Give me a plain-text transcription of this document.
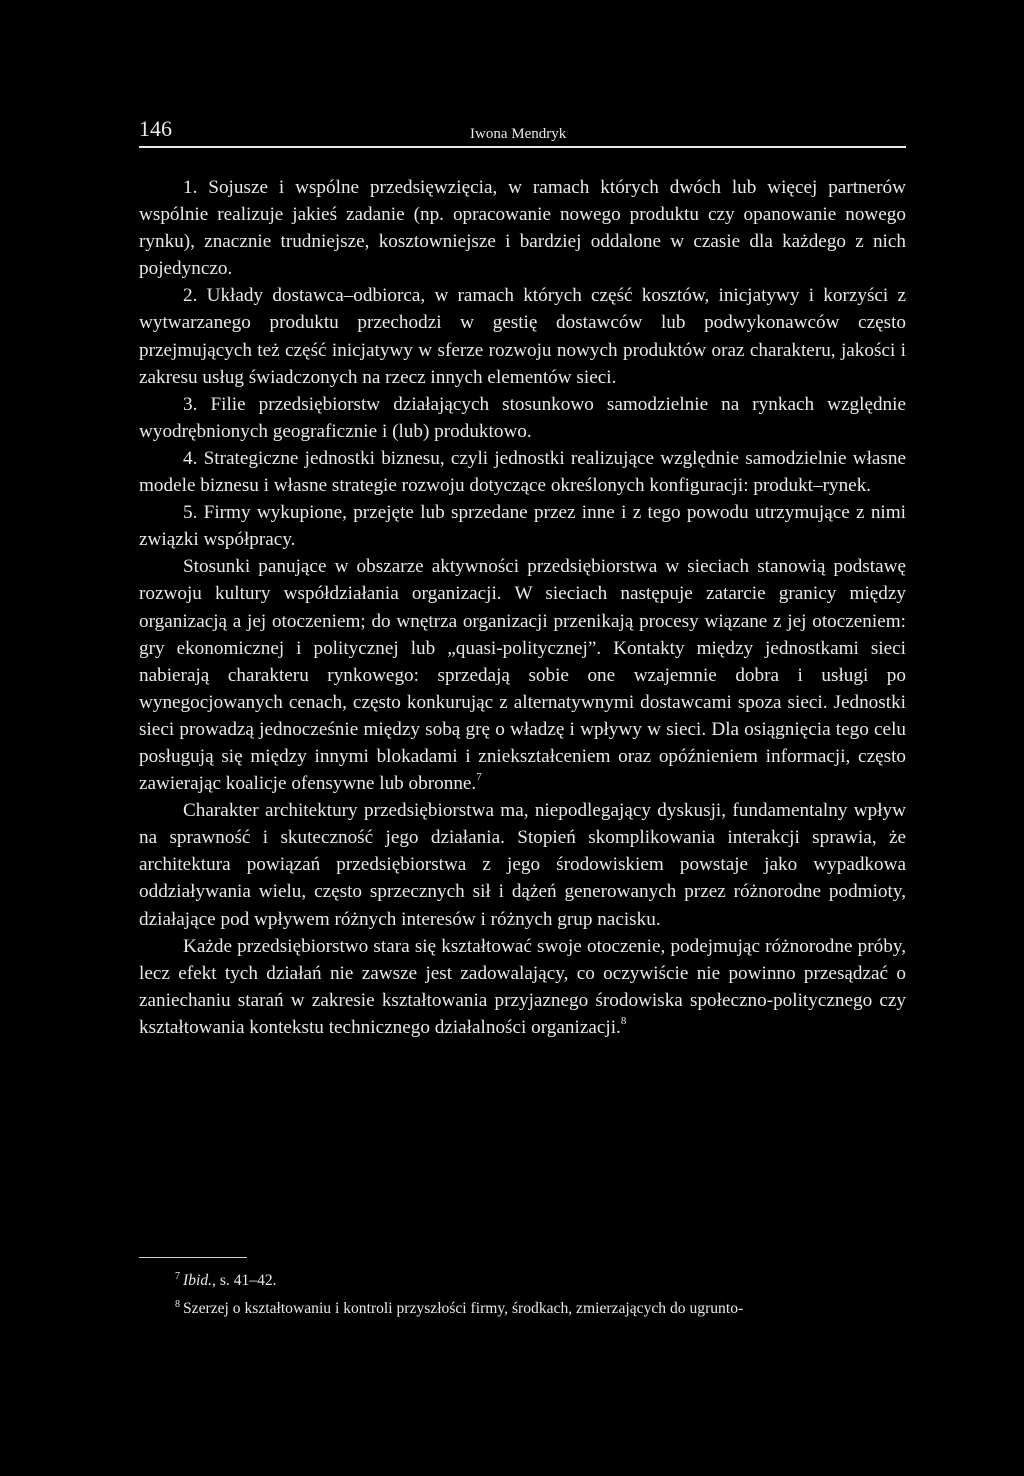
146	Iwona Mendryk

1. Sojusze i wspólne przedsięwzięcia, w ramach których dwóch lub więcej partnerów wspólnie realizuje jakieś zadanie (np. opracowanie nowego produktu czy opanowanie nowego rynku), znacznie trudniejsze, kosztowniejsze i bardziej oddalone w czasie dla każdego z nich pojedynczo.

2. Układy dostawca–odbiorca, w ramach których część kosztów, inicjatywy i korzyści z wytwarzanego produktu przechodzi w gestię dostawców lub podwykonawców często przejmujących też część inicjatywy w sferze rozwoju nowych produktów oraz charakteru, jakości i zakresu usług świadczonych na rzecz innych elementów sieci.

3. Filie przedsiębiorstw działających stosunkowo samodzielnie na rynkach względnie wyodrębnionych geograficznie i (lub) produktowo.

4. Strategiczne jednostki biznesu, czyli jednostki realizujące względnie samodzielnie własne modele biznesu i własne strategie rozwoju dotyczące określonych konfiguracji: produkt–rynek.

5. Firmy wykupione, przejęte lub sprzedane przez inne i z tego powodu utrzymujące z nimi związki współpracy.

Stosunki panujące w obszarze aktywności przedsiębiorstwa w sieciach stanowią podstawę rozwoju kultury współdziałania organizacji. W sieciach następuje zatarcie granicy między organizacją a jej otoczeniem; do wnętrza organizacji przenikają procesy wiązane z jej otoczeniem: gry ekonomicznej i politycznej lub „quasi-politycznej”. Kontakty między jednostkami sieci nabierają charakteru rynkowego: sprzedają sobie one wzajemnie dobra i usługi po wynegocjowanych cenach, często konkurując z alternatywnymi dostawcami spoza sieci. Jednostki sieci prowadzą jednocześnie między sobą grę o władzę i wpływy w sieci. Dla osiągnięcia tego celu posługują się między innymi blokadami i zniekształceniem oraz opóźnieniem informacji, często zawierając koalicje ofensywne lub obronne.$^7$

Charakter architektury przedsiębiorstwa ma, niepodlegający dyskusji, fundamentalny wpływ na sprawność i skuteczność jego działania. Stopień skomplikowania interakcji sprawia, że architektura powiązań przedsiębiorstwa z jego środowiskiem powstaje jako wypadkowa oddziaływania wielu, często sprzecznych sił i dążeń generowanych przez różnorodne podmioty, działające pod wpływem różnych interesów i różnych grup nacisku.

Każde przedsiębiorstwo stara się kształtować swoje otoczenie, podejmując różnorodne próby, lecz efekt tych działań nie zawsze jest zadowalający, co oczywiście nie powinno przesądzać o zaniechaniu starań w zakresie kształtowania przyjaznego środowiska społeczno-politycznego czy kształtowania kontekstu technicznego działalności organizacji.$^8$

$^7$ Ibid., s. 41–42.

$^8$ Szerzej o kształtowaniu i kontroli przyszłości firmy, środkach, zmierzających do ugrunto-
